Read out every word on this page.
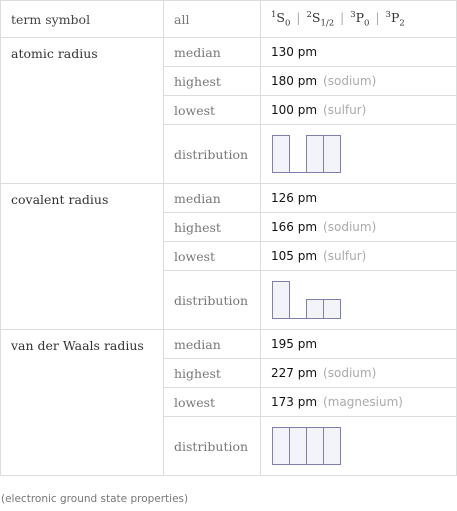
term symbol	all	$^1S_0$ | $^2S_{1/2}$ | $^3P_0$ | $^3P_2$
atomic radius	median	130 pm
	highest	180 pm (sodium)
	lowest	100 pm (sulfur)
	distribution	

covalent radius	median	126 pm
	highest	166 pm (sodium)
	lowest	105 pm (sulfur)
	distribution	

van der Waals radius	median	195 pm
	highest	227 pm (sodium)
	lowest	173 pm (magnesium)
	distribution	
(electronic ground state properties)
